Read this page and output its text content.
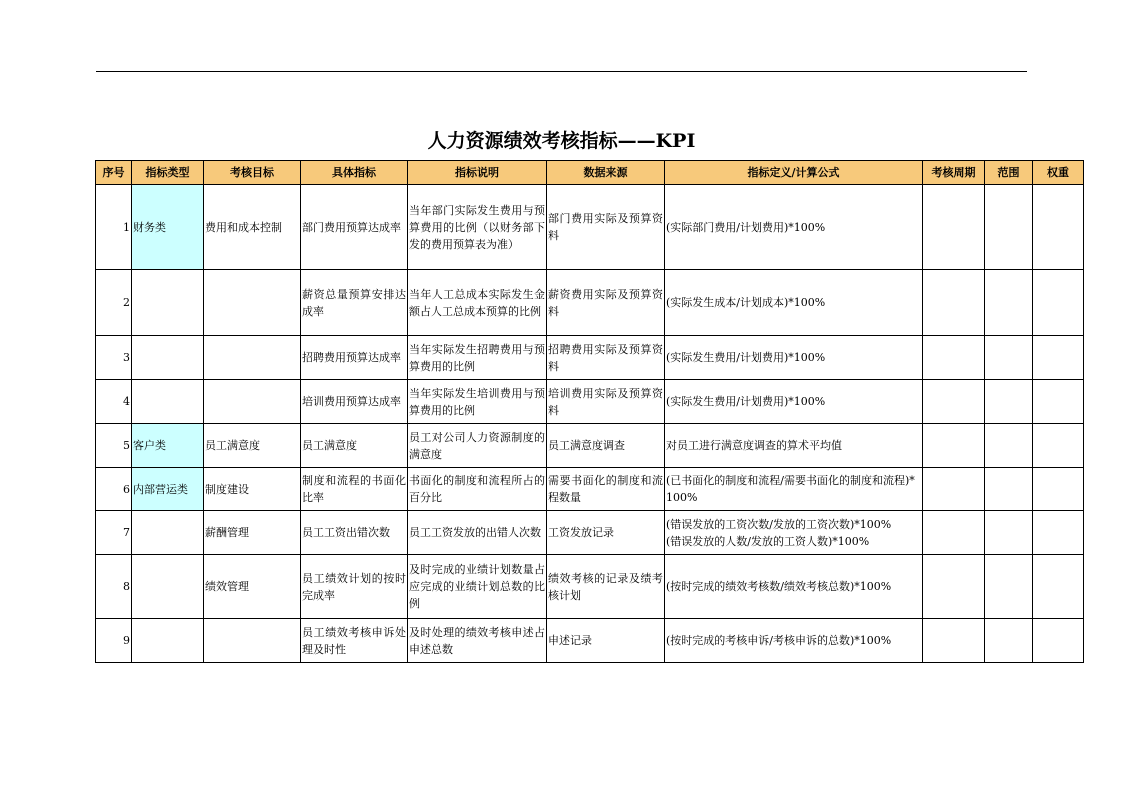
人力资源绩效考核指标——KPI
序号	指标类型	考核目标	具体指标	指标说明	数据来源	指标定义/计算公式	考核周期	范围	权重
1	财务类	费用和成本控制	部门费用预算达成率	当年部门实际发生费用与预算费用的比例（以财务部下发的费用预算表为准）	部门费用实际及预算资料	(实际部门费用/计划费用)*100%			
2			薪资总量预算安排达成率	当年人工总成本实际发生金额占人工总成本预算的比例	薪资费用实际及预算资料	(实际发生成本/计划成本)*100%			
3			招聘费用预算达成率	当年实际发生招聘费用与预算费用的比例	招聘费用实际及预算资料	(实际发生费用/计划费用)*100%			
4			培训费用预算达成率	当年实际发生培训费用与预算费用的比例	培训费用实际及预算资料	(实际发生费用/计划费用)*100%			
5	客户类	员工满意度	员工满意度	员工对公司人力资源制度的满意度	员工满意度调查	对员工进行满意度调查的算术平均值			
6	内部营运类	制度建设	制度和流程的书面化比率	书面化的制度和流程所占的百分比	需要书面化的制度和流程数量	(已书面化的制度和流程/需要书面化的制度和流程)*100%			
7		薪酬管理	员工工资出错次数	员工工资发放的出错人次数	工资发放记录	(错误发放的工资次数/发放的工资次数)*100%
(错误发放的人数/发放的工资人数)*100%			

8		绩效管理	员工绩效计划的按时完成率	及时完成的业绩计划数量占应完成的业绩计划总数的比例	绩效考核的记录及绩考核计划	(按时完成的绩效考核数/绩效考核总数)*100%			
9			员工绩效考核申诉处理及时性	及时处理的绩效考核申述占申述总数	申述记录	(按时完成的考核申诉/考核申诉的总数)*100%			
